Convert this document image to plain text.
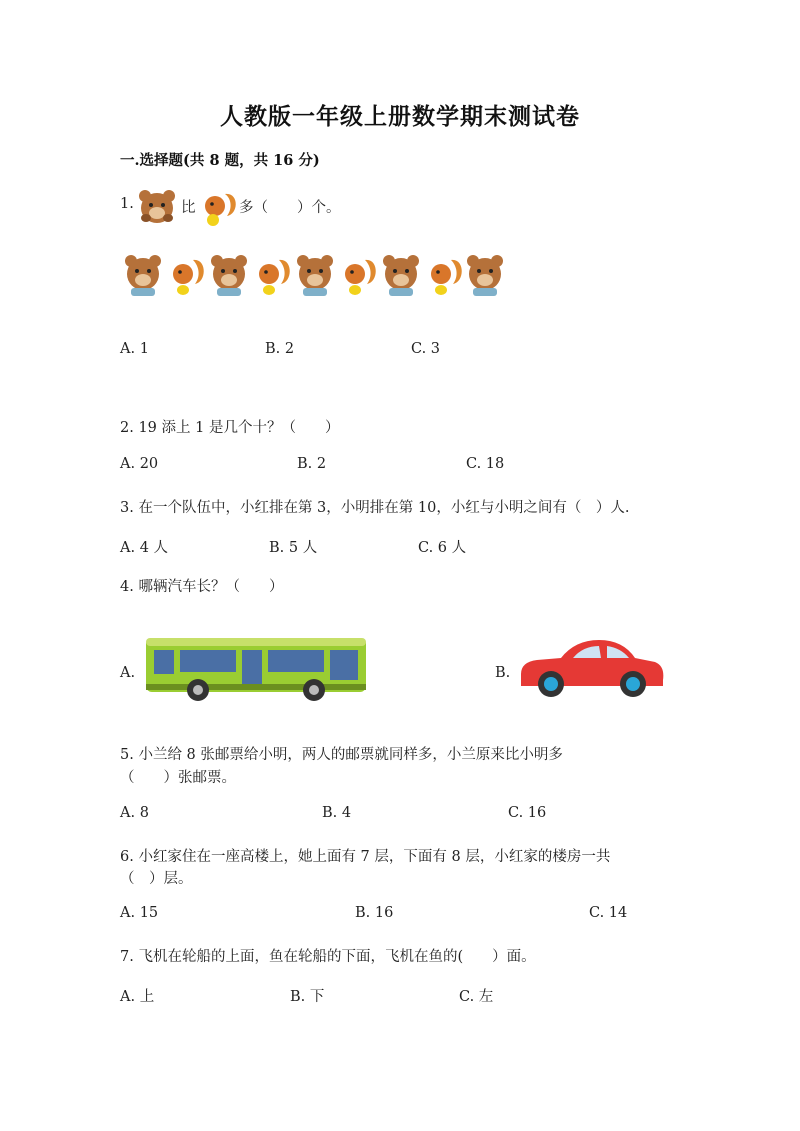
人教版一年级上册数学期末测试卷
一.选择题(共 8 题，共 16 分)
1.	比	多（　　）个。
A. 1	B. 2	C. 3
2. 19 添上 1 是几个十？（　　）
A. 20	B. 2	C. 18
3. 在一个队伍中，小红排在第 3，小明排在第 10，小红与小明之间有（　）人.
A. 4 人	B. 5 人	C. 6 人
4. 哪辆汽车长？（　　）
A.	B.
5. 小兰给 8 张邮票给小明，两人的邮票就同样多，小兰原来比小明多
（　　）张邮票。
A. 8	B. 4	C. 16
6. 小红家住在一座高楼上，她上面有 7 层，下面有 8 层，小红家的楼房一共
（　）层。
A. 15	B. 16	C. 14
7. 飞机在轮船的上面，鱼在轮船的下面，飞机在鱼的(　　）面。
A. 上	B. 下	C. 左
